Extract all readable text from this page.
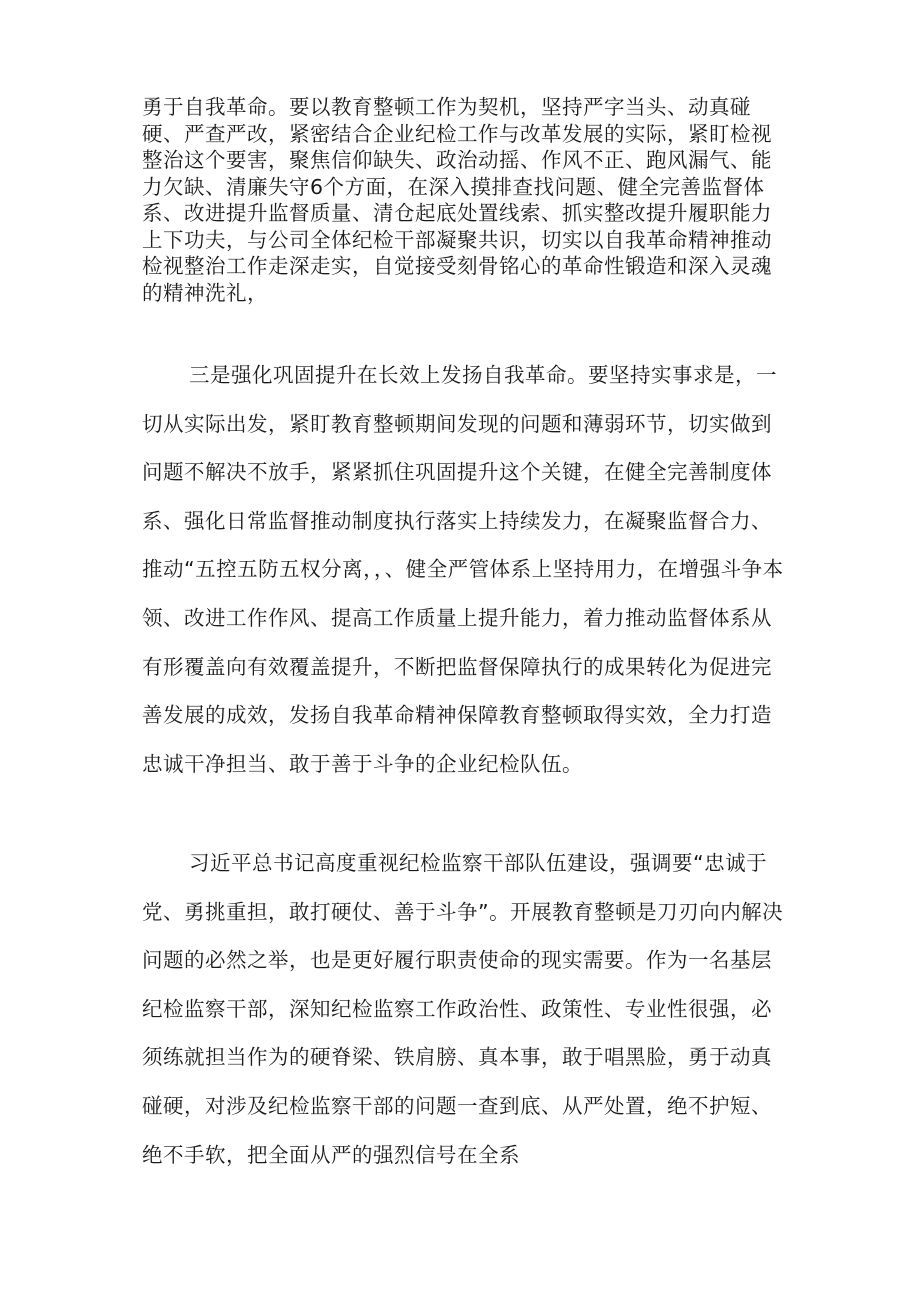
勇于自我革命。要以教育整顿工作为契机，坚持严字当头、动真碰硬、严查严改，紧密结合企业纪检工作与改革发展的实际，紧盯检视整治这个要害，聚焦信仰缺失、政治动摇、作风不正、跑风漏气、能力欠缺、清廉失守6个方面，在深入摸排查找问题、健全完善监督体系、改进提升监督质量、清仓起底处置线索、抓实整改提升履职能力上下功夫，与公司全体纪检干部凝聚共识，切实以自我革命精神推动检视整治工作走深走实，自觉接受刻骨铭心的革命性锻造和深入灵魂的精神洗礼，

三是强化巩固提升在长效上发扬自我革命。要坚持实事求是，一切从实际出发，紧盯教育整顿期间发现的问题和薄弱环节，切实做到问题不解决不放手，紧紧抓住巩固提升这个关键，在健全完善制度体系、强化日常监督推动制度执行落实上持续发力，在凝聚监督合力、推动“五控五防五权分离，，、健全严管体系上坚持用力，在增强斗争本领、改进工作作风、提高工作质量上提升能力，着力推动监督体系从有形覆盖向有效覆盖提升，不断把监督保障执行的成果转化为促进完善发展的成效，发扬自我革命精神保障教育整顿取得实效，全力打造忠诚干净担当、敢于善于斗争的企业纪检队伍。

习近平总书记高度重视纪检监察干部队伍建设，强调要“忠诚于党、勇挑重担，敢打硬仗、善于斗争”。开展教育整顿是刀刃向内解决问题的必然之举，也是更好履行职责使命的现实需要。作为一名基层纪检监察干部，深知纪检监察工作政治性、政策性、专业性很强，必须练就担当作为的硬脊梁、铁肩膀、真本事，敢于唱黑脸，勇于动真碰硬，对涉及纪检监察干部的问题一查到底、从严处置，绝不护短、绝不手软，把全面从严的强烈信号在全系
